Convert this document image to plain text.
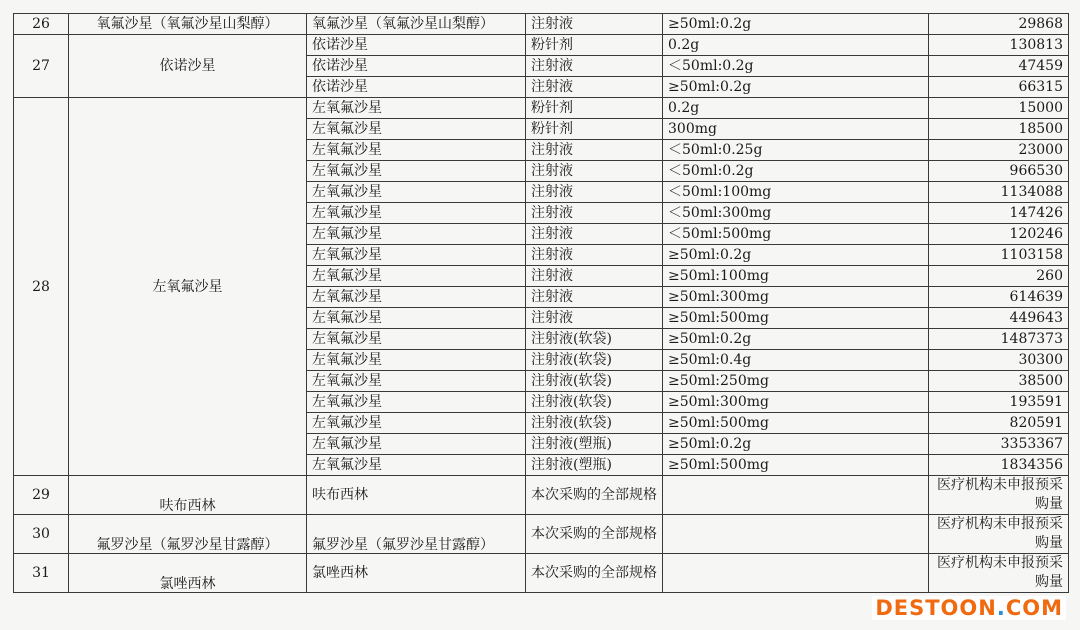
26	氧氟沙星（氧氟沙星山梨醇）	氧氟沙星（氧氟沙星山梨醇）	注射液	≥50ml:0.2g	29868
27	依诺沙星	依诺沙星	粉针剂	0.2g	130813
		依诺沙星	注射液	＜50ml:0.2g	47459
		依诺沙星	注射液	≥50ml:0.2g	66315
28	左氧氟沙星	左氧氟沙星	粉针剂	0.2g	15000
		左氧氟沙星	粉针剂	300mg	18500
		左氧氟沙星	注射液	＜50ml:0.25g	23000
		左氧氟沙星	注射液	＜50ml:0.2g	966530
		左氧氟沙星	注射液	＜50ml:100mg	1134088
		左氧氟沙星	注射液	＜50ml:300mg	147426
		左氧氟沙星	注射液	＜50ml:500mg	120246
		左氧氟沙星	注射液	≥50ml:0.2g	1103158
		左氧氟沙星	注射液	≥50ml:100mg	260
		左氧氟沙星	注射液	≥50ml:300mg	614639
		左氧氟沙星	注射液	≥50ml:500mg	449643
		左氧氟沙星	注射液(软袋)	≥50ml:0.2g	1487373
		左氧氟沙星	注射液(软袋)	≥50ml:0.4g	30300
		左氧氟沙星	注射液(软袋)	≥50ml:250mg	38500
		左氧氟沙星	注射液(软袋)	≥50ml:300mg	193591
		左氧氟沙星	注射液(软袋)	≥50ml:500mg	820591
		左氧氟沙星	注射液(塑瓶)	≥50ml:0.2g	3353367
		左氧氟沙星	注射液(塑瓶)	≥50ml:500mg	1834356
29	呋布西林	呋布西林	本次采购的全部规格		医疗机构未申报预采购量
30	氟罗沙星（氟罗沙星甘露醇）	氟罗沙星（氟罗沙星甘露醇）	本次采购的全部规格		医疗机构未申报预采购量
31	氯唑西林	氯唑西林	本次采购的全部规格		医疗机构未申报预采购量
DESTOON.COM
